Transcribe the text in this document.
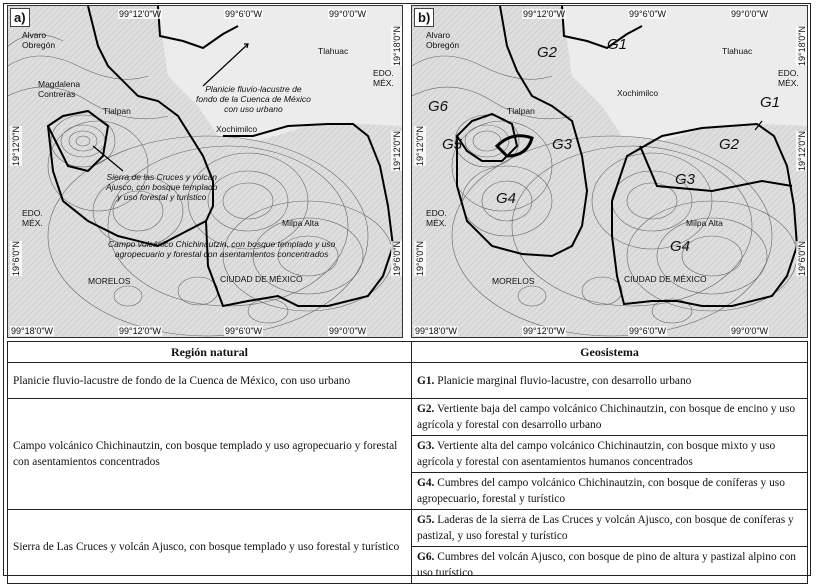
a)	99°12'0"W	99°6'0"W	99°0'0"W
99°18'0"W	99°12'0"W	99°6'0"W	99°0'0"W
19°18'0"N
19°12'0"N
19°6'0"N
19°12'0"N
19°6'0"N
Alvaro
Obregón
Magdalena
Contreras
Tlalpan
Xochimilco
Tlahuac
EDO.
MÉX.
EDO.
MÉX.	Milpa Alta
MORELOS	CIUDAD DE MÉXICO
Planicie fluvio-lacustre de
fondo de la Cuenca de México
con uso urbano
Sierra de las Cruces y volcán
Ajusco, con bosque templado
y uso forestal y turístico
Campo volcánico Chichinautzin, con bosque templado y uso
agropecuario y forestal con asentamientos concentrados
b)	99°12'0"W	99°6'0"W	99°0'0"W
99°18'0"W	99°12'0"W	99°6'0"W	99°0'0"W
19°18'0"N
19°12'0"N
19°6'0"N
19°12'0"N
19°6'0"N
Alvaro
Obregón
Tlalpan
Xochimilco
Tlahuac
EDO.
MÉX.
EDO.
MÉX.	Milpa Alta
MORELOS	CIUDAD DE MÉXICO
G1
G1
G2
G2
G3
G3
G4
G4
G5
G6
Región natural	Geosistema
Planicie fluvio-lacustre de fondo de la Cuenca de México, con uso urbano	G1. Planicie marginal fluvio-lacustre, con desarrollo urbano
Campo volcánico Chichinautzin, con bosque templado y uso agropecuario y forestal con asentamientos concentrados	G2. Vertiente baja del campo volcánico Chichinautzin, con bosque de encino y uso agrícola y forestal con desarrollo urbano
	G3. Vertiente alta del campo volcánico Chichinautzin, con bosque mixto y uso agrícola y forestal con asentamientos humanos concentrados
	G4. Cumbres del campo volcánico Chichinautzin, con bosque de coníferas y uso agropecuario, forestal y turístico
Sierra de Las Cruces y volcán Ajusco, con bosque templado y uso forestal y turístico	G5. Laderas de la sierra de Las Cruces y volcán Ajusco, con bosque de coníferas y pastizal, y uso forestal y turístico
	G6. Cumbres del volcán Ajusco, con bosque de pino de altura y pastizal alpino con uso turístico
